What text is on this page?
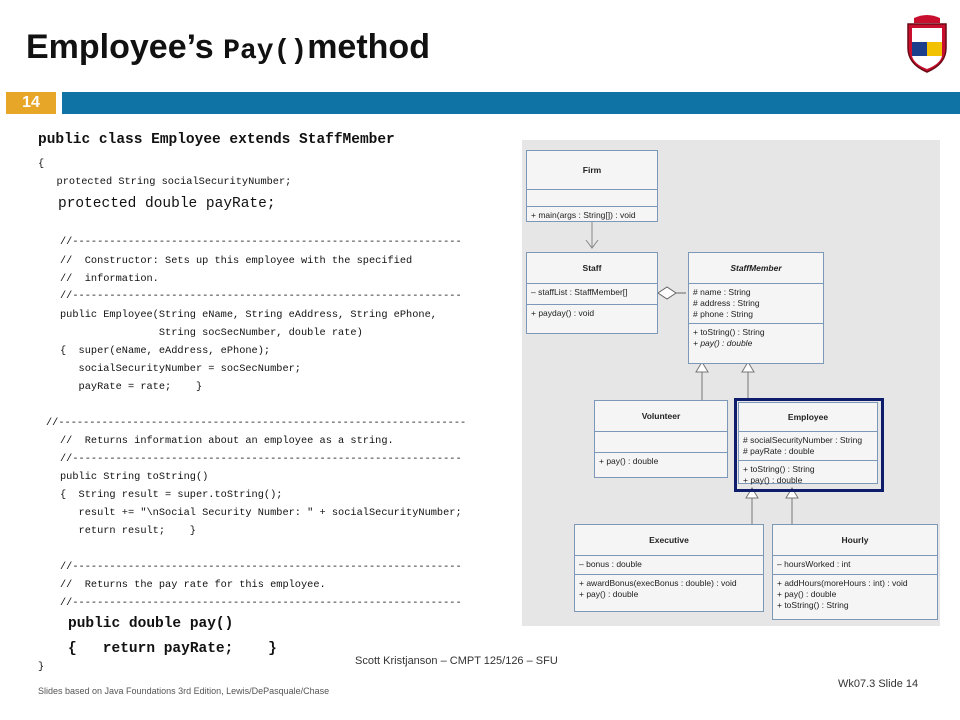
Employee’s Pay()method
14
public class Employee extends StaffMember
{
protected String socialSecurityNumber;
protected double payRate;
//---------------------------------------------------------------
//  Constructor: Sets up this employee with the specified
//  information.
//---------------------------------------------------------------
public Employee(String eName, String eAddress, String ePhone,
String socSecNumber, double rate)
{  super(eName, eAddress, ePhone);
socialSecurityNumber = socSecNumber;
payRate = rate;    }
//------------------------------------------------------------------
//  Returns information about an employee as a string.
//---------------------------------------------------------------
public String toString()
{  String result = super.toString();
result += "\nSocial Security Number: " + socialSecurityNumber;
return result;    }
//---------------------------------------------------------------
//  Returns the pay rate for this employee.
//---------------------------------------------------------------
public double pay()
{   return payRate;    }
}
Firm
+ main(args : String[]) : void
Staff
– staffList : StaffMember[]
+ payday() : void
StaffMember
# name : String
# address : String
# phone : String
+ toString() : String
+ pay() : double
Volunteer
+ pay() : double
Employee
# socialSecurityNumber : String
# payRate : double
+ toString() : String
+ pay() : double
Executive
– bonus : double
+ awardBonus(execBonus : double) : void
+ pay() : double
Hourly
– hoursWorked : int
+ addHours(moreHours : int) : void
+ pay() : double
+ toString() : String
Scott Kristjanson – CMPT 125/126 – SFU
Slides based on Java Foundations 3rd Edition, Lewis/DePasquale/Chase
Wk07.3 Slide 14
